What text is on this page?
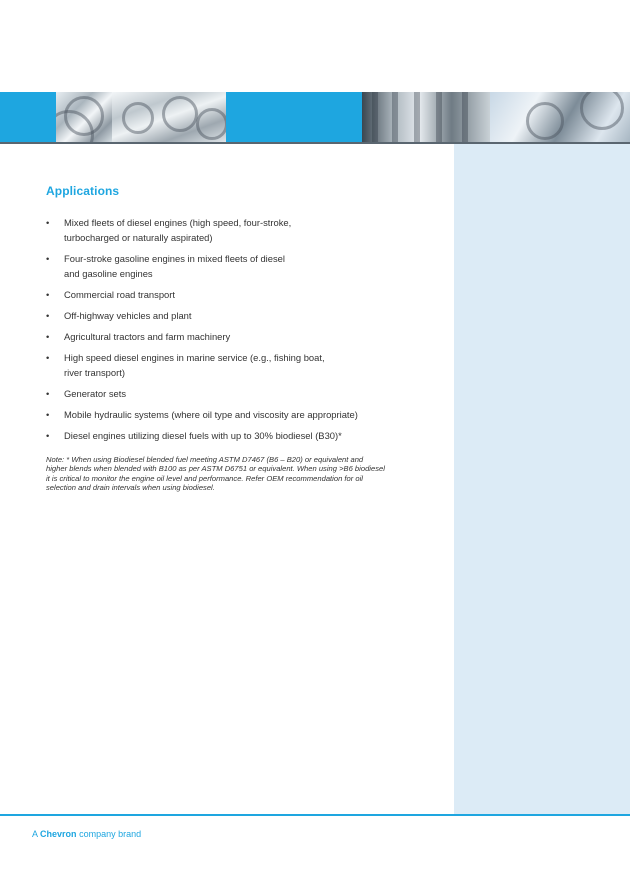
Applications
• Mixed fleets of diesel engines (high speed, four-stroke,
turbocharged or naturally aspirated)
• Four-stroke gasoline engines in mixed fleets of diesel
and gasoline engines
• Commercial road transport
• Off-highway vehicles and plant
• Agricultural tractors and farm machinery
• High speed diesel engines in marine service (e.g., fishing boat,
river transport)
• Generator sets
• Mobile hydraulic systems (where oil type and viscosity are appropriate)
• Diesel engines utilizing diesel fuels with up to 30% biodiesel (B30)*

Note: * When using Biodiesel blended fuel meeting ASTM D7467 (B6 – B20) or equivalent and higher blends when blended with B100 as per ASTM D6751 or equivalent. When using >B6 biodiesel it is critical to monitor the engine oil level and performance. Refer OEM recommendation for oil selection and drain intervals when using biodiesel.

A Chevron company brand
